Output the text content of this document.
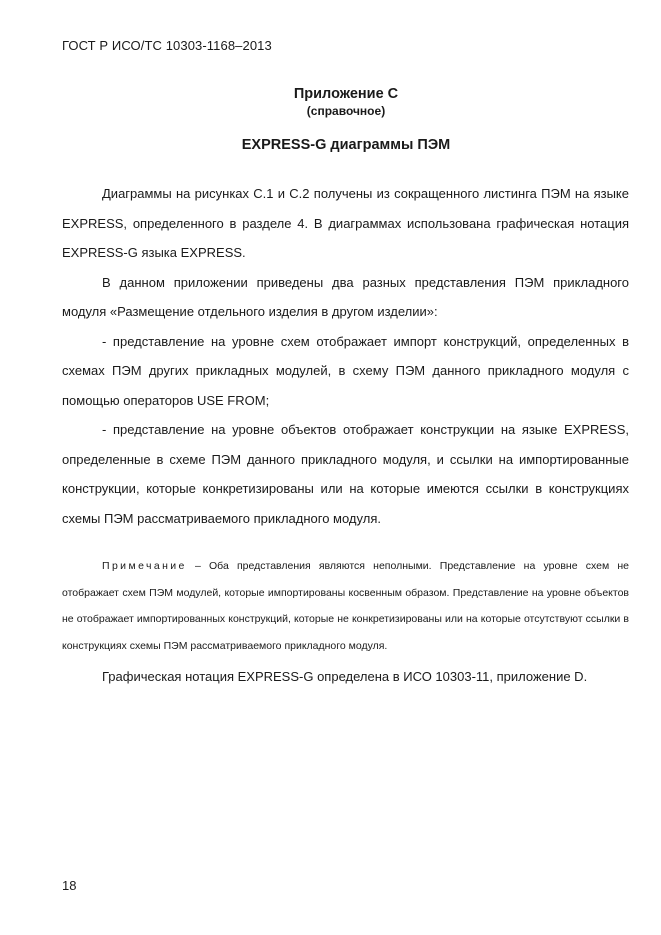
ГОСТ Р ИСО/ТС 10303-1168–2013
Приложение С
(справочное)
EXPRESS-G диаграммы ПЭМ

Диаграммы на рисунках С.1 и С.2 получены из сокращенного листинга ПЭМ на языке EXPRESS, определенного в разделе 4. В диаграммах использована графическая нотация EXPRESS-G языка EXPRESS.

В данном приложении приведены два разных представления ПЭМ прикладного модуля «Размещение отдельного изделия в другом изделии»:

- представление на уровне схем отображает импорт конструкций, определенных в схемах ПЭМ других прикладных модулей, в схему ПЭМ данного прикладного модуля с помощью операторов USE FROM;

- представление на уровне объектов отображает конструкции на языке EXPRESS, определенные в схеме ПЭМ данного прикладного модуля, и ссылки на импортированные конструкции, которые конкретизированы или на которые имеются ссылки в конструкциях схемы ПЭМ рассматриваемого прикладного модуля.

Примечание – Оба представления являются неполными. Представление на уровне схем не отображает схем ПЭМ модулей, которые импортированы косвенным образом. Представление на уровне объектов не отображает импортированных конструкций, которые не конкретизированы или на которые отсутствуют ссылки в конструкциях схемы ПЭМ рассматриваемого прикладного модуля.

Графическая нотация EXPRESS-G определена в ИСО 10303-11, приложение D.

18
